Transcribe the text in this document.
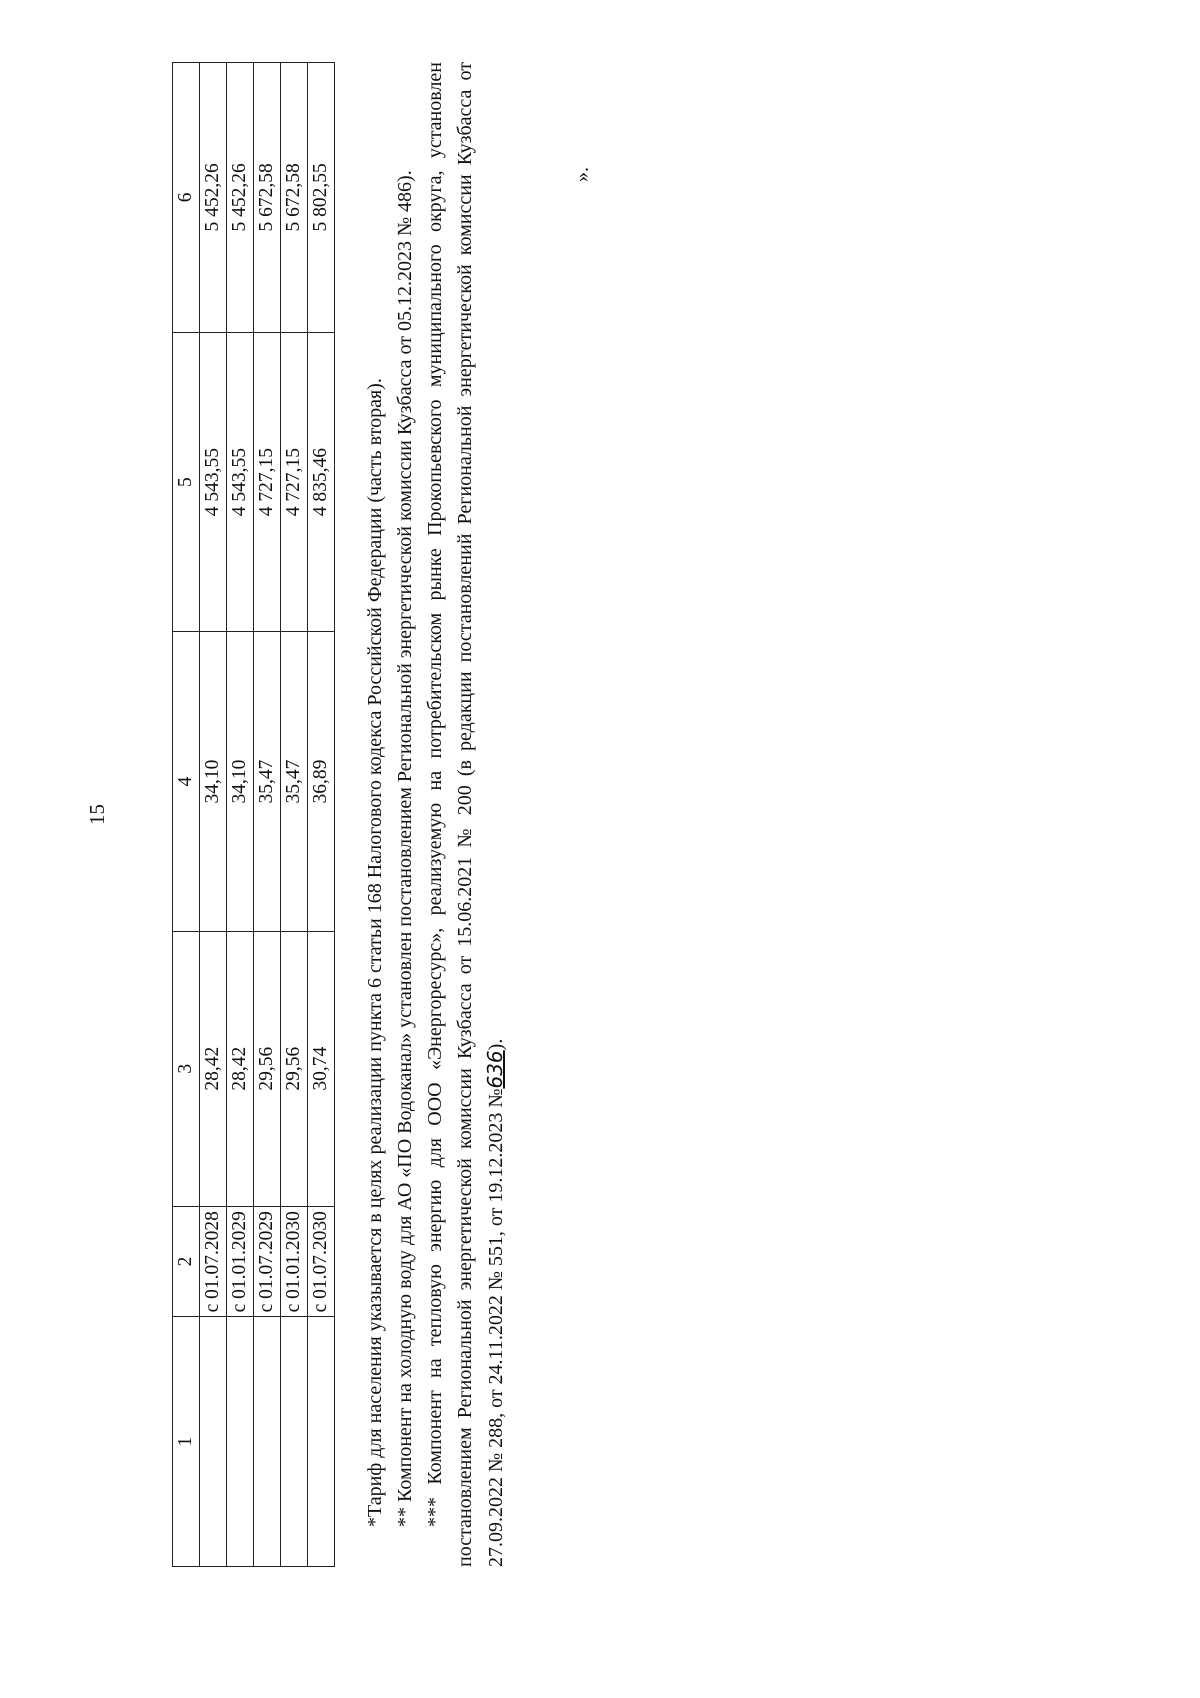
15
1	2	3	4	5	6
	с 01.07.2028	28,42	34,10	4 543,55	5 452,26
	с 01.01.2029	28,42	34,10	4 543,55	5 452,26
	с 01.07.2029	29,56	35,47	4 727,15	5 672,58
	с 01.01.2030	29,56	35,47	4 727,15	5 672,58
	с 01.07.2030	30,74	36,89	4 835,46	5 802,55

*Тариф для населения указывается в целях реализации пункта 6 статьи 168 Налогового кодекса Российской Федерации (часть вторая). ** Компонент на холодную воду для АО «ПО Водоканал» установлен постановлением Региональной энергетической комиссии Кузбасса от 05.12.2023 № 486). *** Компонент на тепловую энергию для ООО «Энергоресурс», реализуемую на потребительском рынке Прокопьевского муниципального округа, установлен постановлением Региональной энергетической комиссии Кузбасса от 15.06.2021 № 200 (в редакции постановлений Региональной энергетической комиссии Кузбасса от 27.09.2022 № 288, от 24.11.2022 № 551, от 19.12.2023 №636).

».
